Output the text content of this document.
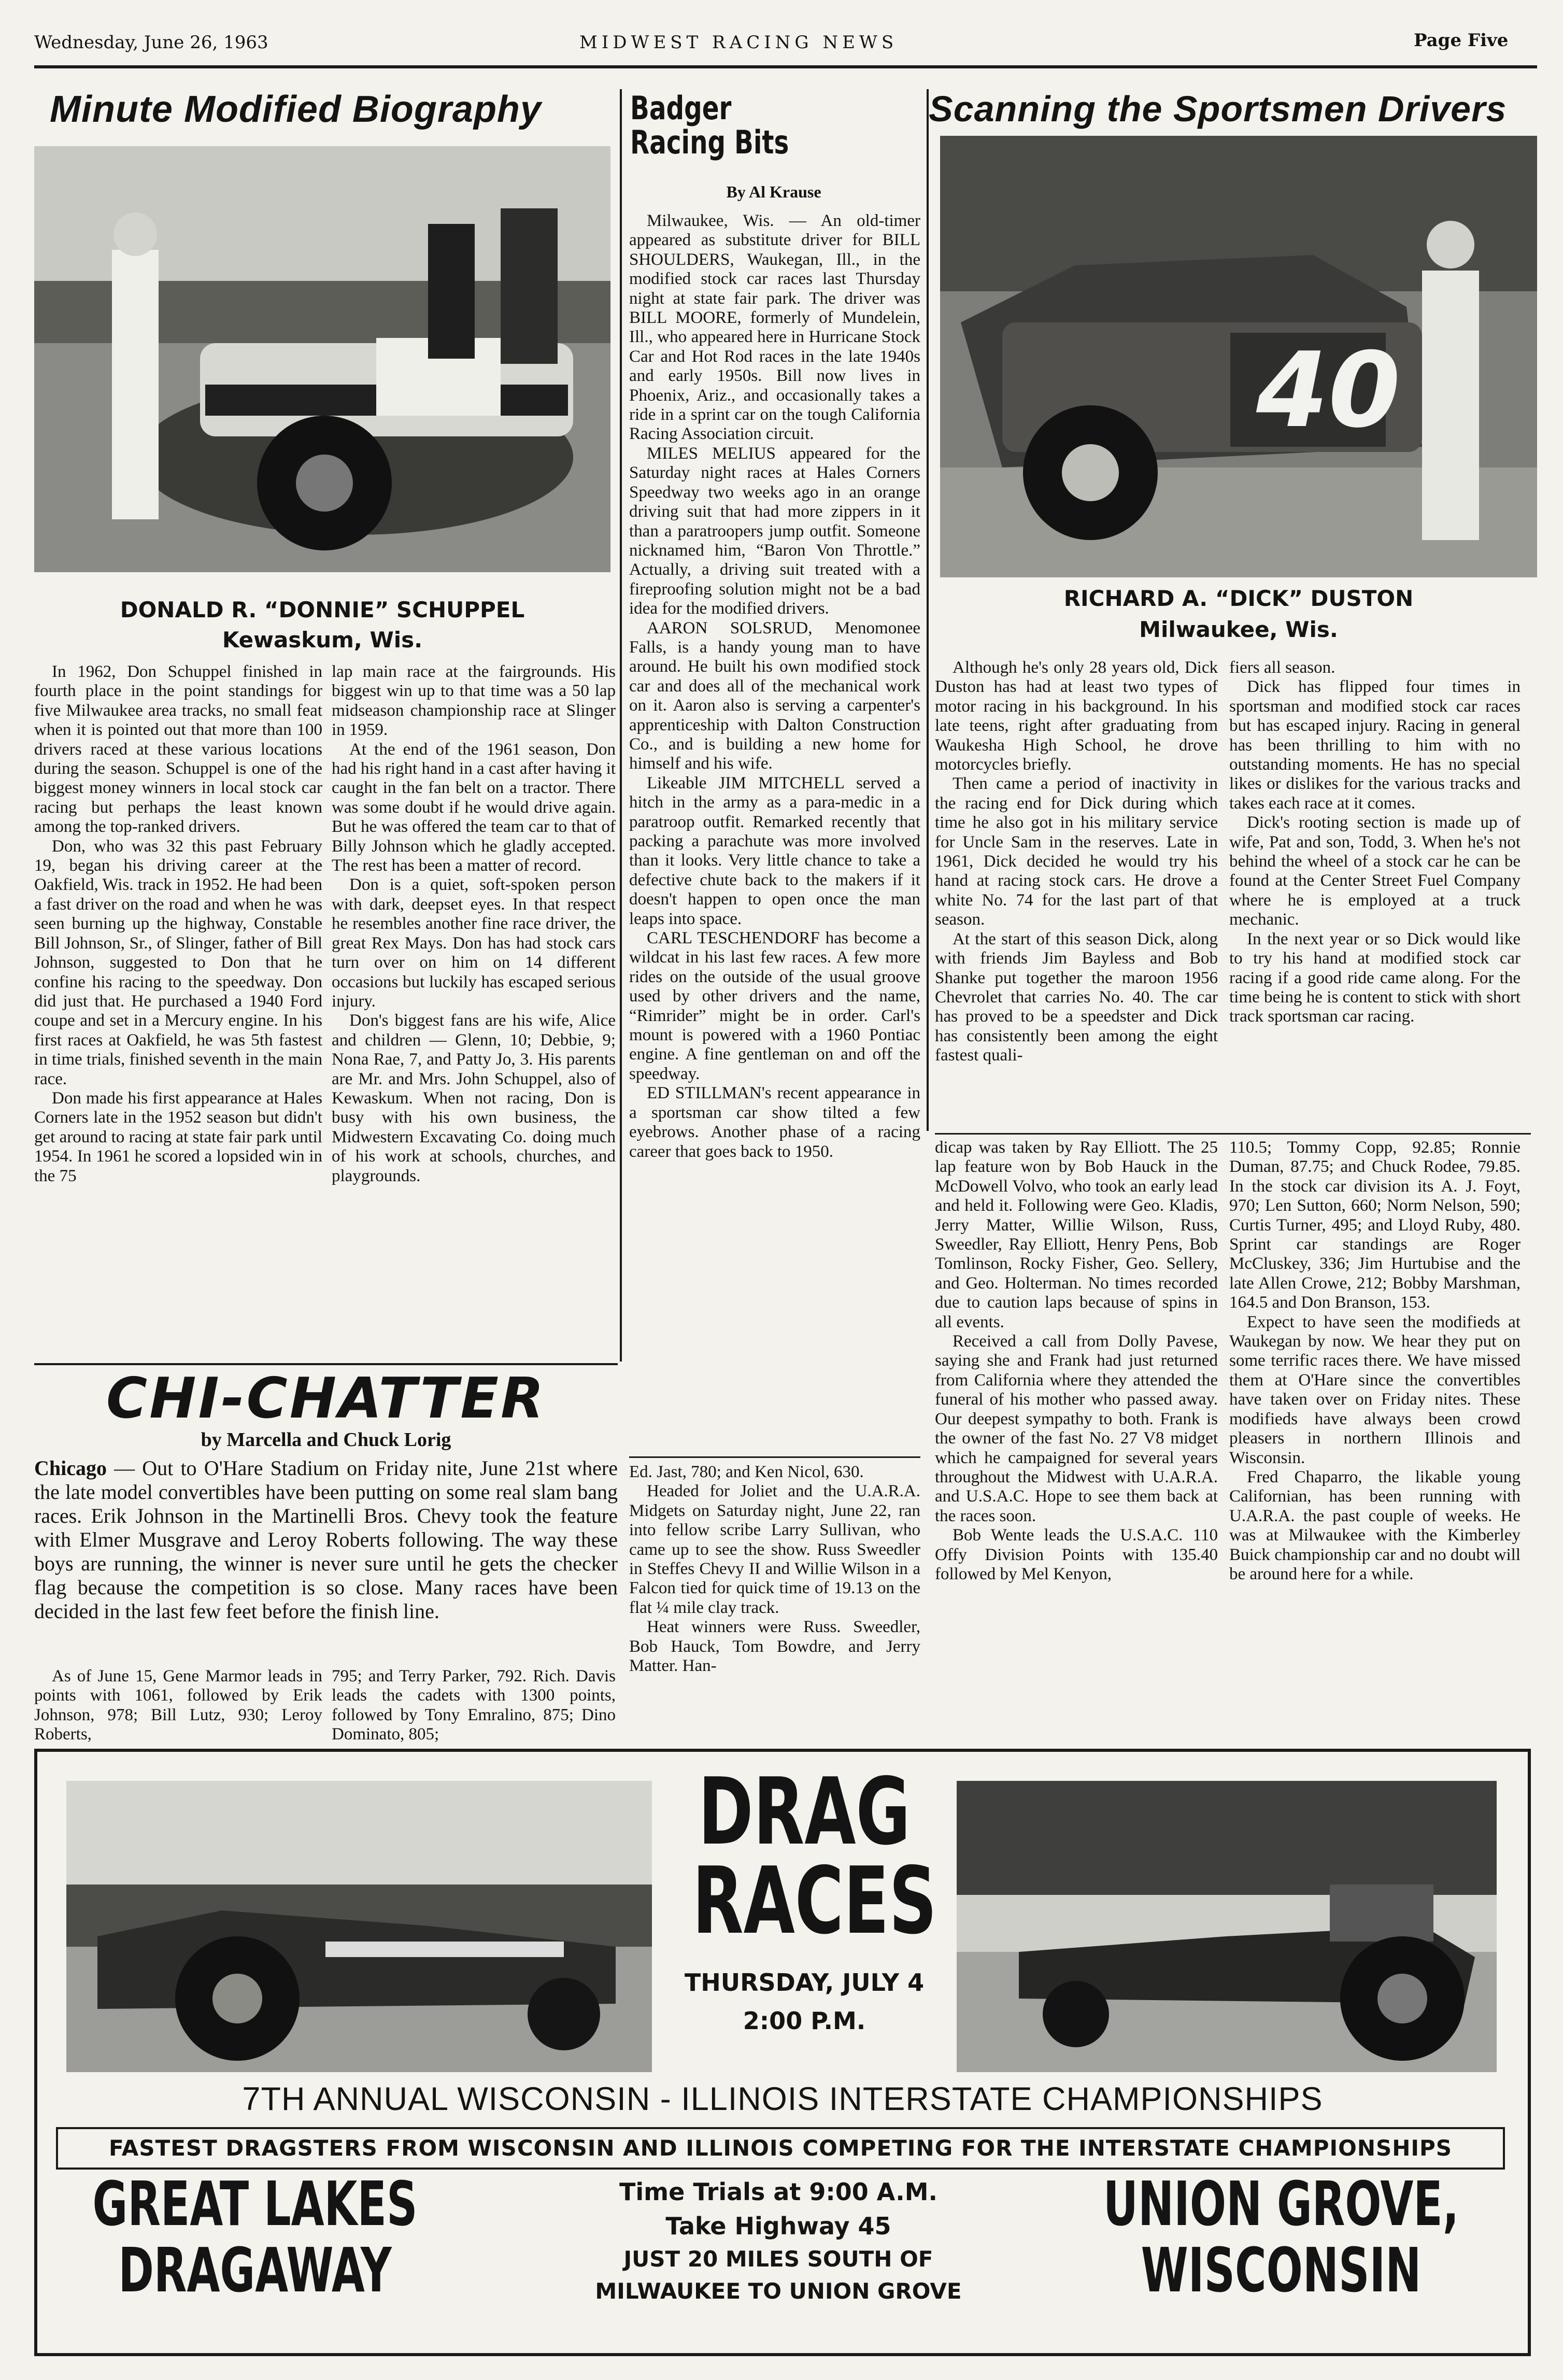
Wednesday, June 26, 1963	MIDWEST RACING NEWS	Page Five
Minute Modified Biography
DONALD R. “DONNIE” SCHUPPEL
Kewaskum, Wis.

In 1962, Don Schuppel finished in fourth place in the point standings for five Milwaukee area tracks, no small feat when it is pointed out that more than 100 drivers raced at these various locations during the season. Schuppel is one of the biggest money winners in local stock car racing but perhaps the least known among the top-ranked drivers.

Don, who was 32 this past February 19, began his driving career at the Oakfield, Wis. track in 1952. He had been a fast driver on the road and when he was seen burning up the highway, Constable Bill Johnson, Sr., of Slinger, father of Bill Johnson, suggested to Don that he confine his racing to the speedway. Don did just that. He purchased a 1940 Ford coupe and set in a Mercury engine. In his first races at Oakfield, he was 5th fastest in time trials, finished seventh in the main race.

Don made his first appearance at Hales Corners late in the 1952 season but didn't get around to racing at state fair park until 1954. In 1961 he scored a lopsided win in the 75

lap main race at the fairgrounds. His biggest win up to that time was a 50 lap midseason championship race at Slinger in 1959.

At the end of the 1961 season, Don had his right hand in a cast after having it caught in the fan belt on a tractor. There was some doubt if he would drive again. But he was offered the team car to that of Billy Johnson which he gladly accepted. The rest has been a matter of record.

Don is a quiet, soft-spoken person with dark, deepset eyes. In that respect he resembles another fine race driver, the great Rex Mays. Don has had stock cars turn over on him on 14 different occasions but luckily has escaped serious injury.

Don's biggest fans are his wife, Alice and children — Glenn, 10; Debbie, 9; Nona Rae, 7, and Patty Jo, 3. His parents are Mr. and Mrs. John Schuppel, also of Kewaskum. When not racing, Don is busy with his own business, the Midwestern Excavating Co. doing much of his work at schools, churches, and playgrounds.

CHI-CHATTER
by Marcella and Chuck Lorig
Chicago — Out to O'Hare Stadium on Friday nite, June 21st where the late model convertibles have been putting on some real slam bang races. Erik Johnson in the Martinelli Bros. Chevy took the feature with Elmer Musgrave and Leroy Roberts following. The way these boys are running, the winner is never sure until he gets the checker flag because the competition is so close. Many races have been decided in the last few feet before the finish line.

As of June 15, Gene Marmor leads in points with 1061, followed by Erik Johnson, 978; Bill Lutz, 930; Leroy Roberts,

795; and Terry Parker, 792. Rich. Davis leads the cadets with 1300 points, followed by Tony Emralino, 875; Dino Dominato, 805;

Badger
Racing Bits
By Al Krause

Milwaukee, Wis. — An old-timer appeared as substitute driver for BILL SHOULDERS, Waukegan, Ill., in the modified stock car races last Thursday night at state fair park. The driver was BILL MOORE, formerly of Mundelein, Ill., who appeared here in Hurricane Stock Car and Hot Rod races in the late 1940s and early 1950s. Bill now lives in Phoenix, Ariz., and occasionally takes a ride in a sprint car on the tough California Racing Association circuit.

MILES MELIUS appeared for the Saturday night races at Hales Corners Speedway two weeks ago in an orange driving suit that had more zippers in it than a paratroopers jump outfit. Someone nicknamed him, “Baron Von Throttle.” Actually, a driving suit treated with a fireproofing solution might not be a bad idea for the modified drivers.

AARON SOLSRUD, Menomonee Falls, is a handy young man to have around. He built his own modified stock car and does all of the mechanical work on it. Aaron also is serving a carpenter's apprenticeship with Dalton Construction Co., and is building a new home for himself and his wife.

Likeable JIM MITCHELL served a hitch in the army as a para-medic in a paratroop outfit. Remarked recently that packing a parachute was more involved than it looks. Very little chance to take a defective chute back to the makers if it doesn't happen to open once the man leaps into space.

CARL TESCHENDORF has become a wildcat in his last few races. A few more rides on the outside of the usual groove used by other drivers and the name, “Rimrider” might be in order. Carl's mount is powered with a 1960 Pontiac engine. A fine gentleman on and off the speedway.

ED STILLMAN's recent appearance in a sportsman car show tilted a few eyebrows. Another phase of a racing career that goes back to 1950.

Ed. Jast, 780; and Ken Nicol, 630.

Headed for Joliet and the U.A.R.A. Midgets on Saturday night, June 22, ran into fellow scribe Larry Sullivan, who came up to see the show. Russ Sweedler in Steffes Chevy II and Willie Wilson in a Falcon tied for quick time of 19.13 on the flat ¼ mile clay track.

Heat winners were Russ. Sweedler, Bob Hauck, Tom Bowdre, and Jerry Matter. Han-

Scanning the Sportsmen Drivers
40
RICHARD A. “DICK” DUSTON
Milwaukee, Wis.

Although he's only 28 years old, Dick Duston has had at least two types of motor racing in his background. In his late teens, right after graduating from Waukesha High School, he drove motorcycles briefly.

Then came a period of inactivity in the racing end for Dick during which time he also got in his military service for Uncle Sam in the reserves. Late in 1961, Dick decided he would try his hand at racing stock cars. He drove a white No. 74 for the last part of that season.

At the start of this season Dick, along with friends Jim Bayless and Bob Shanke put together the maroon 1956 Chevrolet that carries No. 40. The car has proved to be a speedster and Dick has consistently been among the eight fastest quali-

fiers all season.

Dick has flipped four times in sportsman and modified stock car races but has escaped injury. Racing in general has been thrilling to him with no outstanding moments. He has no special likes or dislikes for the various tracks and takes each race at it comes.

Dick's rooting section is made up of wife, Pat and son, Todd, 3. When he's not behind the wheel of a stock car he can be found at the Center Street Fuel Company where he is employed at a truck mechanic.

In the next year or so Dick would like to try his hand at modified stock car racing if a good ride came along. For the time being he is content to stick with short track sportsman car racing.

dicap was taken by Ray Elliott. The 25 lap feature won by Bob Hauck in the McDowell Volvo, who took an early lead and held it. Following were Geo. Kladis, Jerry Matter, Willie Wilson, Russ, Sweedler, Ray Elliott, Henry Pens, Bob Tomlinson, Rocky Fisher, Geo. Sellery, and Geo. Holterman. No times recorded due to caution laps because of spins in all events.

Received a call from Dolly Pavese, saying she and Frank had just returned from California where they attended the funeral of his mother who passed away. Our deepest sympathy to both. Frank is the owner of the fast No. 27 V8 midget which he campaigned for several years throughout the Midwest with U.A.R.A. and U.S.A.C. Hope to see them back at the races soon.

Bob Wente leads the U.S.A.C. 110 Offy Division Points with 135.40 followed by Mel Kenyon,

110.5; Tommy Copp, 92.85; Ronnie Duman, 87.75; and Chuck Rodee, 79.85. In the stock car division its A. J. Foyt, 970; Len Sutton, 660; Norm Nelson, 590; Curtis Turner, 495; and Lloyd Ruby, 480. Sprint car standings are Roger McCluskey, 336; Jim Hurtubise and the late Allen Crowe, 212; Bobby Marshman, 164.5 and Don Branson, 153.

Expect to have seen the modifieds at Waukegan by now. We hear they put on some terrific races there. We have missed them at O'Hare since the convertibles have taken over on Friday nites. These modifieds have always been crowd pleasers in northern Illinois and Wisconsin.

Fred Chaparro, the likable young Californian, has been running with U.A.R.A. the past couple of weeks. He was at Milwaukee with the Kimberley Buick championship car and no doubt will be around here for a while.

DRAG
RACES
THURSDAY, JULY 4
2:00 P.M.
7TH ANNUAL WISCONSIN - ILLINOIS INTERSTATE CHAMPIONSHIPS
FASTEST DRAGSTERS FROM WISCONSIN AND ILLINOIS COMPETING FOR THE INTERSTATE CHAMPIONSHIPS
GREAT LAKES
DRAGAWAY
Time Trials at 9:00 A.M.
Take Highway 45
JUST 20 MILES SOUTH OF
MILWAUKEE TO UNION GROVE
UNION GROVE,
WISCONSIN
